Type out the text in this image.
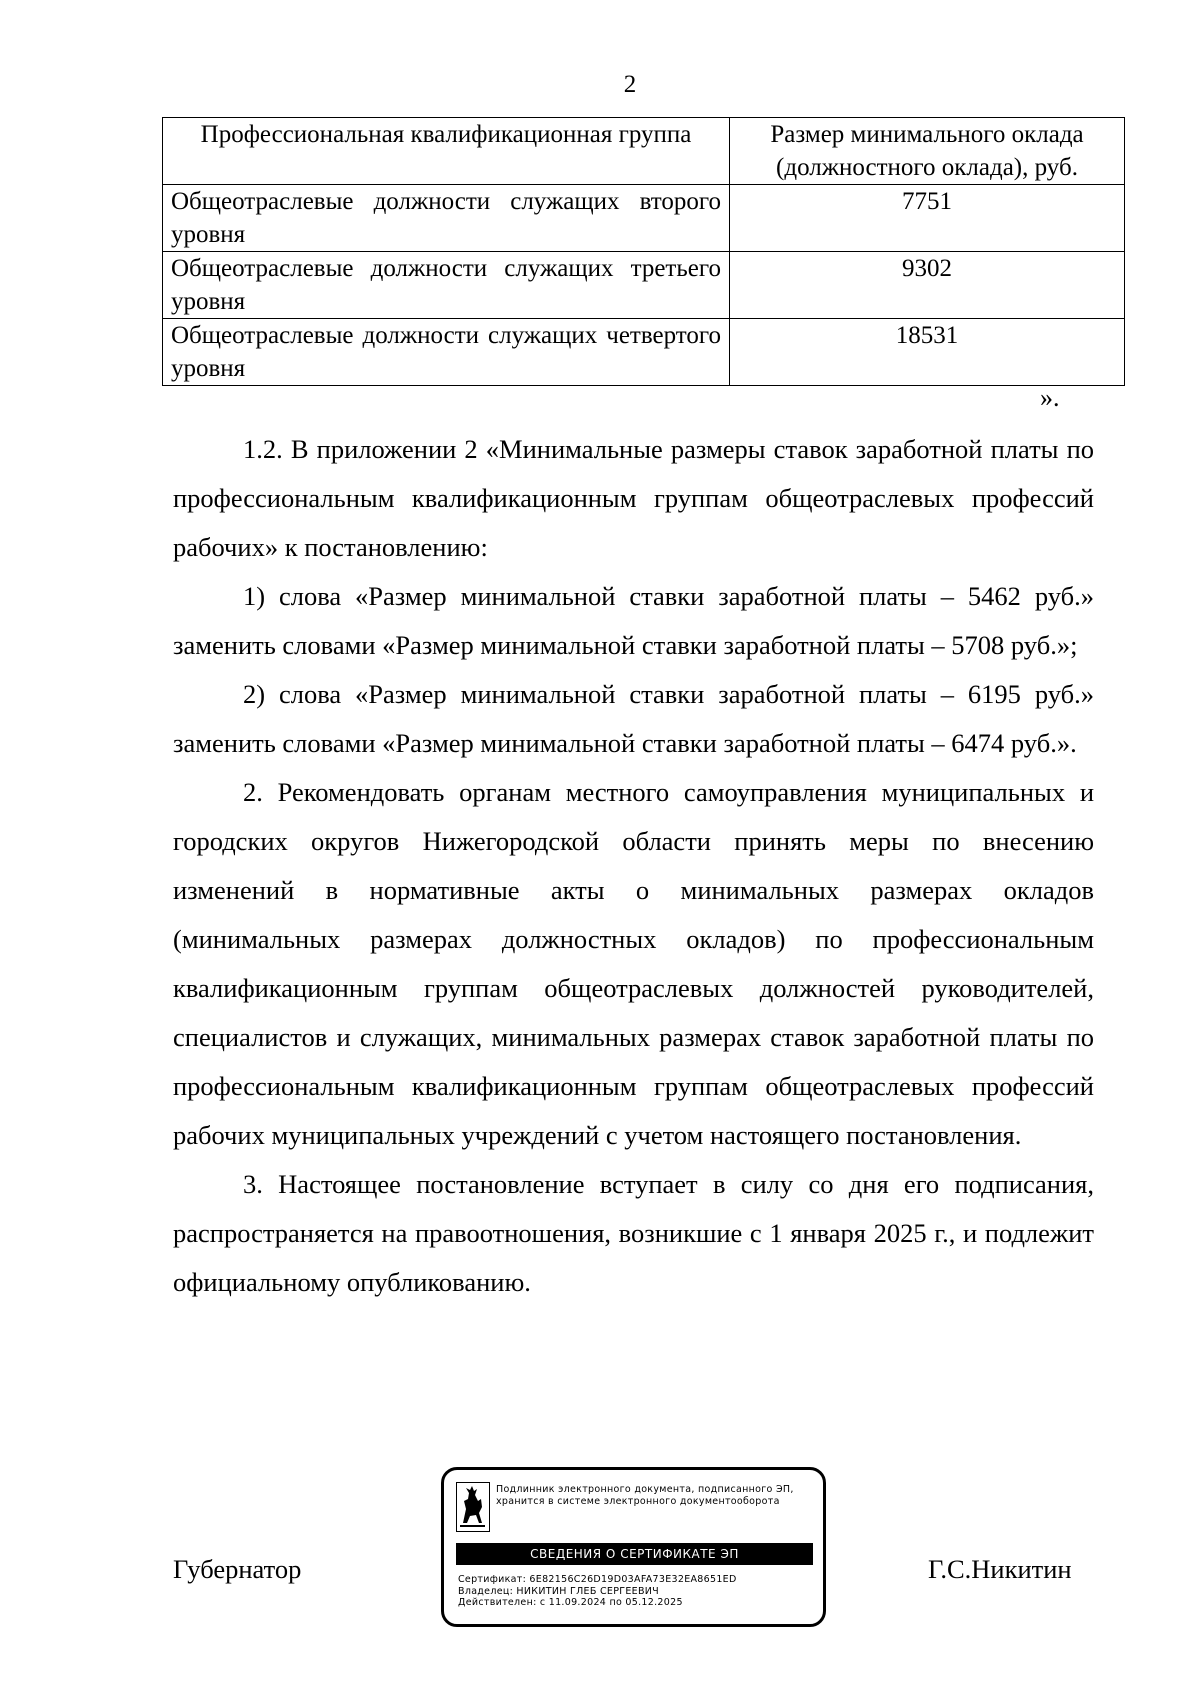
2
Профессиональная квалификационная группа	Размер минимального оклада (должностного оклада), руб.
Общеотраслевые должности служащих второго уровня	7751
Общеотраслевые должности служащих третьего уровня	9302
Общеотраслевые должности служащих четвертого уровня	18531
».

1.2. В приложении 2 «Минимальные размеры ставок заработной платы по профессиональным квалификационным группам общеотраслевых профессий рабочих» к постановлению:

1) слова «Размер минимальной ставки заработной платы – 5462 руб.» заменить словами «Размер минимальной ставки заработной платы – 5708 руб.»;

2) слова «Размер минимальной ставки заработной платы – 6195 руб.» заменить словами «Размер минимальной ставки заработной платы – 6474 руб.».

2. Рекомендовать органам местного самоуправления муниципальных и городских округов Нижегородской области принять меры по внесению изменений в нормативные акты о минимальных размерах окладов (минимальных размерах должностных окладов) по профессиональным квалификационным группам общеотраслевых должностей руководителей, специалистов и служащих, минимальных размерах ставок заработной платы по профессиональным квалификационным группам общеотраслевых профессий рабочих муниципальных учреждений с учетом настоящего постановления.

3. Настоящее постановление вступает в силу со дня его подписания, распространяется на правоотношения, возникшие с 1 января 2025 г., и подлежит официальному опубликованию.

Подлинник электронного документа, подписанного ЭП,
хранится в системе электронного документооборота
СВЕДЕНИЯ О СЕРТИФИКАТЕ ЭП
Сертификат: 6E82156C26D19D03AFA73E32EA8651ED
Владелец: НИКИТИН ГЛЕБ СЕРГЕЕВИЧ
Действителен: с 11.09.2024 по 05.12.2025
Губернатор	Г.С.Никитин
